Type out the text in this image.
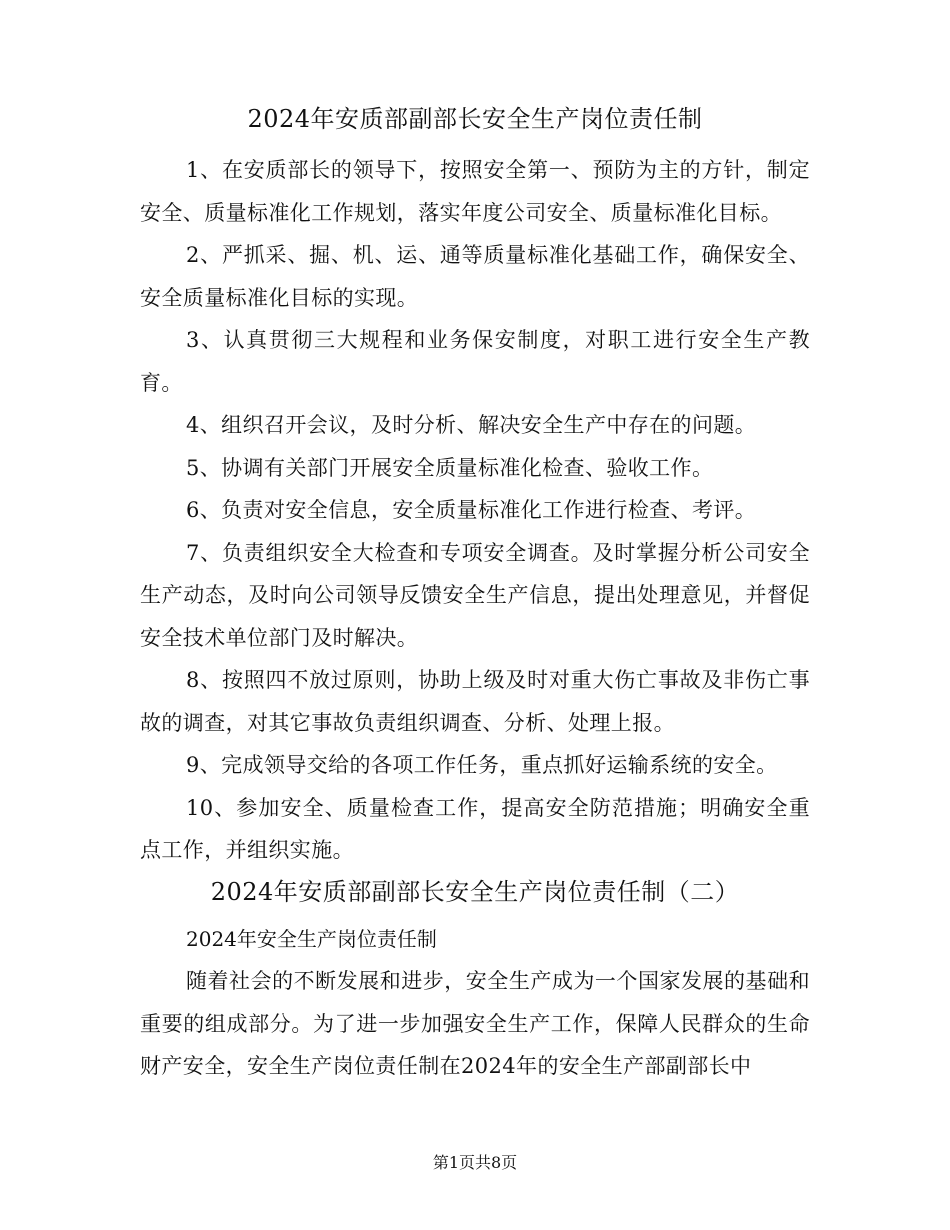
2024年安质部副部长安全生产岗位责任制

1、在安质部长的领导下，按照安全第一、预防为主的方针，制定安全、质量标准化工作规划，落实年度公司安全、质量标准化目标。

2、严抓采、掘、机、运、通等质量标准化基础工作，确保安全、安全质量标准化目标的实现。

3、认真贯彻三大规程和业务保安制度，对职工进行安全生产教育。

4、组织召开会议，及时分析、解决安全生产中存在的问题。

5、协调有关部门开展安全质量标准化检查、验收工作。

6、负责对安全信息，安全质量标准化工作进行检查、考评。

7、负责组织安全大检查和专项安全调查。及时掌握分析公司安全生产动态，及时向公司领导反馈安全生产信息，提出处理意见，并督促安全技术单位部门及时解决。

8、按照四不放过原则，协助上级及时对重大伤亡事故及非伤亡事故的调查，对其它事故负责组织调查、分析、处理上报。

9、完成领导交给的各项工作任务，重点抓好运输系统的安全。

10、参加安全、质量检查工作，提高安全防范措施；明确安全重点工作，并组织实施。

2024年安质部副部长安全生产岗位责任制（二）

2024年安全生产岗位责任制

随着社会的不断发展和进步，安全生产成为一个国家发展的基础和重要的组成部分。为了进一步加强安全生产工作，保障人民群众的生命财产安全，安全生产岗位责任制在2024年的安全生产部副部长中

第1页共8页
